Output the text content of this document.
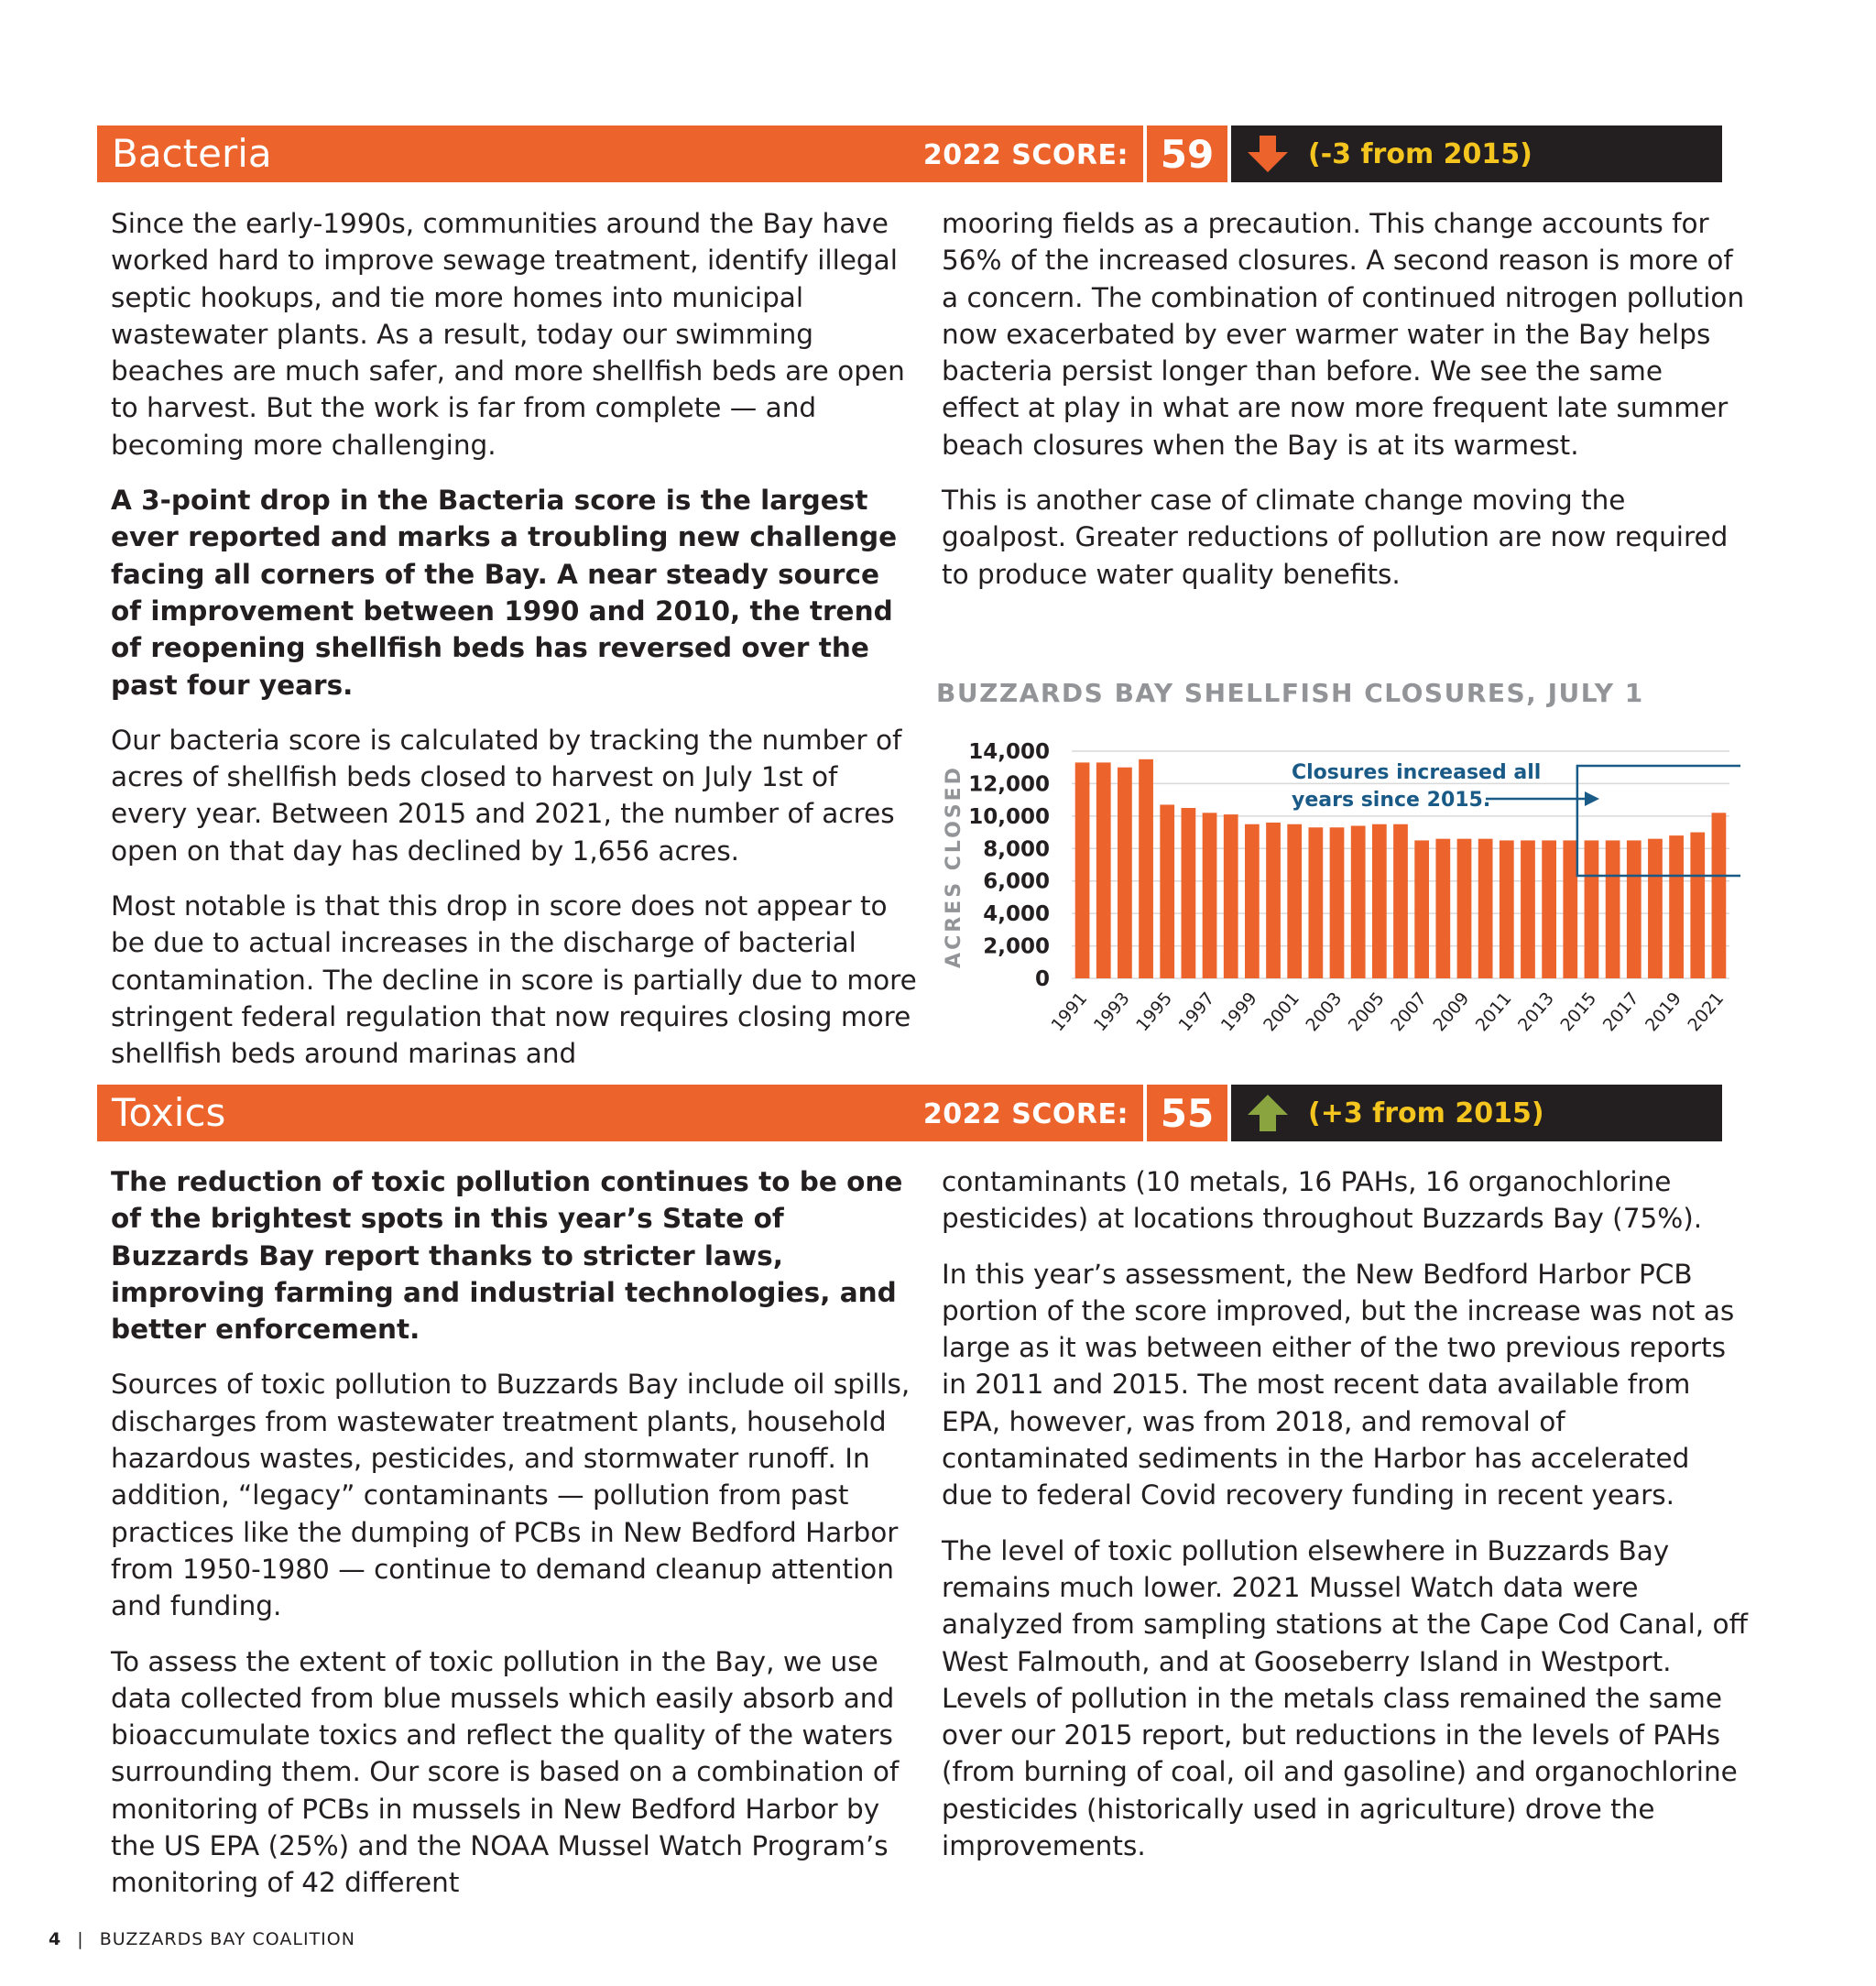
Bacteria	2022 SCORE: 59	(-3 from 2015)

Since the early-1990s, communities around the Bay have worked hard to improve sewage treatment, identify illegal septic hookups, and tie more homes into municipal wastewater plants. As a result, today our swimming beaches are much safer, and more shellfish beds are open to harvest. But the work is far from complete — and becoming more challenging.

A 3-point drop in the Bacteria score is the largest ever reported and marks a troubling new challenge facing all corners of the Bay. A near steady source of improvement between 1990 and 2010, the trend of reopening shellfish beds has reversed over the past four years.

Our bacteria score is calculated by tracking the number of acres of shellfish beds closed to harvest on July 1st of every year. Between 2015 and 2021, the number of acres open on that day has declined by 1,656 acres.

Most notable is that this drop in score does not appear to be due to actual increases in the discharge of bacterial contamination. The decline in score is partially due to more stringent federal regulation that now requires closing more shellfish beds around marinas and

mooring fields as a precaution. This change accounts for 56% of the increased closures. A second reason is more of a concern. The combination of continued nitrogen pollution now exacerbated by ever warmer water in the Bay helps bacteria persist longer than before. We see the same effect at play in what are now more frequent late summer beach closures when the Bay is at its warmest.

This is another case of climate change moving the goalpost. Greater reductions of pollution are now required to produce water quality benefits.

BUZZARDS BAY SHELLFISH CLOSURES, JULY 1
14,000
12,000
10,000
8,000
6,000
4,000
2,000
0
ACRES CLOSED
1991
1993
1995
1997
1999
2001
2003
2005
2007
2009
2011
2013
2015
2017
2019
2021
Closures increased all
years since 2015.
Toxics	2022 SCORE: 55	(+3 from 2015)

The reduction of toxic pollution continues to be one of the brightest spots in this year’s State of Buzzards Bay report thanks to stricter laws, improving farming and industrial technologies, and better enforcement.

Sources of toxic pollution to Buzzards Bay include oil spills, discharges from wastewater treatment plants, household hazardous wastes, pesticides, and stormwater runoff. In addition, “legacy” contaminants — pollution from past practices like the dumping of PCBs in New Bedford Harbor from 1950-1980 — continue to demand cleanup attention and funding.

To assess the extent of toxic pollution in the Bay, we use data collected from blue mussels which easily absorb and bioaccumulate toxics and reflect the quality of the waters surrounding them. Our score is based on a combination of monitoring of PCBs in mussels in New Bedford Harbor by the US EPA (25%) and the NOAA Mussel Watch Program’s monitoring of 42 different

contaminants (10 metals, 16 PAHs, 16 organochlorine pesticides) at locations throughout Buzzards Bay (75%).

In this year’s assessment, the New Bedford Harbor PCB portion of the score improved, but the increase was not as large as it was between either of the two previous reports in 2011 and 2015. The most recent data available from EPA, however, was from 2018, and removal of contaminated sediments in the Harbor has accelerated due to federal Covid recovery funding in recent years.

The level of toxic pollution elsewhere in Buzzards Bay remains much lower. 2021 Mussel Watch data were analyzed from sampling stations at the Cape Cod Canal, off West Falmouth, and at Gooseberry Island in Westport. Levels of pollution in the metals class remained the same over our 2015 report, but reductions in the levels of PAHs (from burning of coal, oil and gasoline) and organochlorine pesticides (historically used in agriculture) drove the improvements.

4 | BUZZARDS BAY COALITION
